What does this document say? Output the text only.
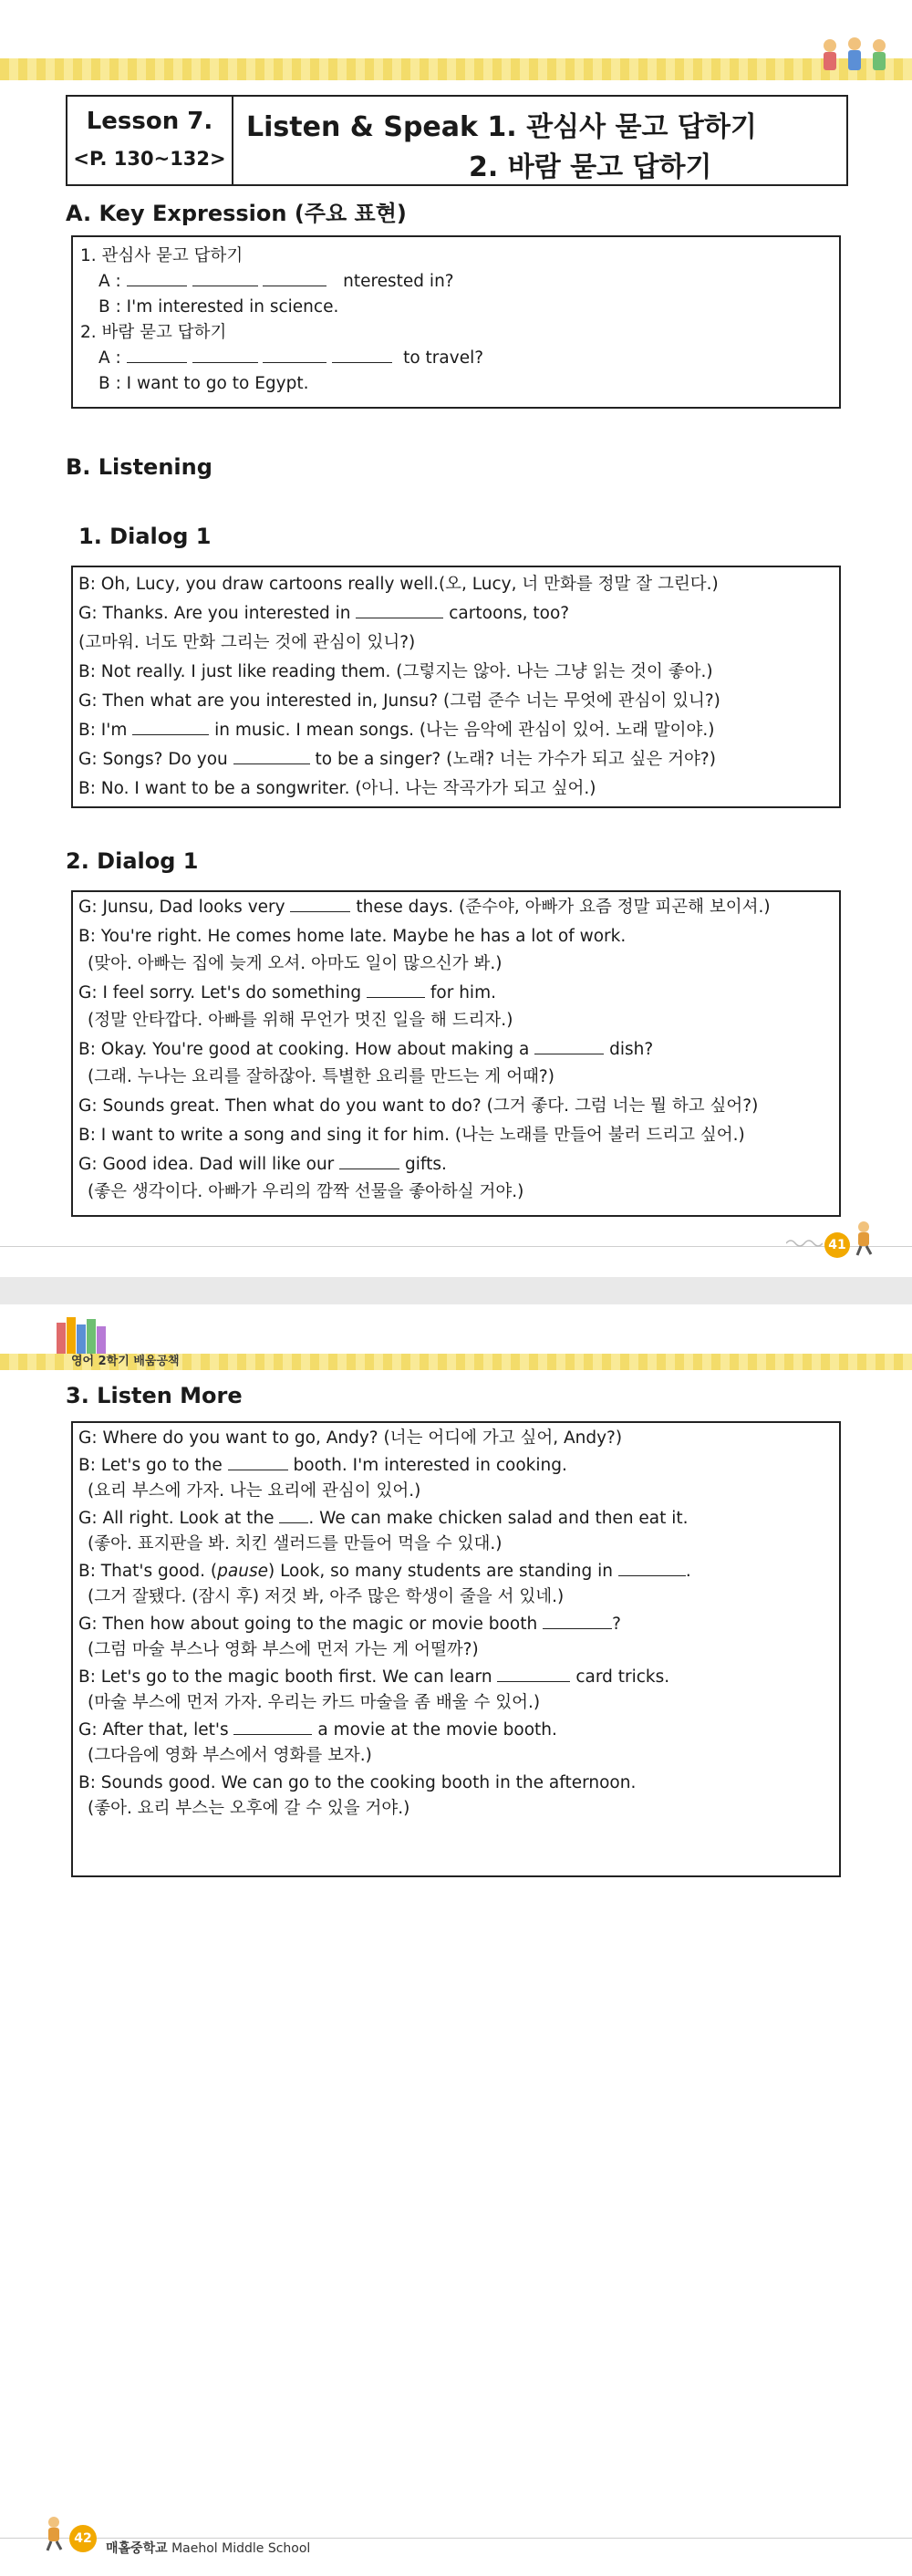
Lesson 7.
<P. 130~132>
Listen & Speak 1. 관심사 묻고 답하기
2. 바람 묻고 답하기
A. Key Expression (주요 표현)
1. 관심사 묻고 답하기
A :	nterested in?
B : I'm interested in science.
2. 바람 묻고 답하기
A :	to travel?
B : I want to go to Egypt.
B. Listening
1. Dialog 1
B: Oh, Lucy, you draw cartoons really well.(오, Lucy, 너 만화를 정말 잘 그린다.)
G: Thanks. Are you interested in	cartoons, too?
(고마워. 너도 만화 그리는 것에 관심이 있니?)
B: Not really. I just like reading them. (그렇지는 않아. 나는 그냥 읽는 것이 좋아.)
G: Then what are you interested in, Junsu? (그럼 준수 너는 무엇에 관심이 있니?)
B: I'm	in music. I mean songs. (나는 음악에 관심이 있어. 노래 말이야.)
G: Songs? Do you	to be a singer? (노래? 너는 가수가 되고 싶은 거야?)
B: No. I want to be a songwriter. (아니. 나는 작곡가가 되고 싶어.)
2. Dialog 1
G: Junsu, Dad looks very	these days. (준수야, 아빠가 요즘 정말 피곤해 보이셔.)
B: You're right. He comes home late. Maybe he has a lot of work.
(맞아. 아빠는 집에 늦게 오셔. 아마도 일이 많으신가 봐.)
G: I feel sorry. Let's do something	for him.
(정말 안타깝다. 아빠를 위해 무언가 멋진 일을 해 드리자.)
B: Okay. You're good at cooking. How about making a	dish?
(그래. 누나는 요리를 잘하잖아. 특별한 요리를 만드는 게 어때?)
G: Sounds great. Then what do you want to do? (그거 좋다. 그럼 너는 뭘 하고 싶어?)
B: I want to write a song and sing it for him. (나는 노래를 만들어 불러 드리고 싶어.)
G: Good idea. Dad will like our	gifts.
(좋은 생각이다. 아빠가 우리의 깜짝 선물을 좋아하실 거야.)
41
영어 2학기 배움공책
3. Listen More
G: Where do you want to go, Andy? (너는 어디에 가고 싶어, Andy?)
B: Let's go to the	booth. I'm interested in cooking.
(요리 부스에 가자. 나는 요리에 관심이 있어.)
G: All right. Look at the . We can make chicken salad and then eat it.
(좋아. 표지판을 봐. 치킨 샐러드를 만들어 먹을 수 있대.)
B: That's good. (pause) Look, so many students are standing in	.
(그거 잘됐다. (잠시 후) 저것 봐, 아주 많은 학생이 줄을 서 있네.)
G: Then how about going to the magic or movie booth	?
(그럼 마술 부스나 영화 부스에 먼저 가는 게 어떨까?)
B: Let's go to the magic booth first. We can learn	card tricks.
(마술 부스에 먼저 가자. 우리는 카드 마술을 좀 배울 수 있어.)
G: After that, let's	a movie at the movie booth.
(그다음에 영화 부스에서 영화를 보자.)
B: Sounds good. We can go to the cooking booth in the afternoon.
(좋아. 요리 부스는 오후에 갈 수 있을 거야.)
42
매홀중학교 Maehol Middle School
